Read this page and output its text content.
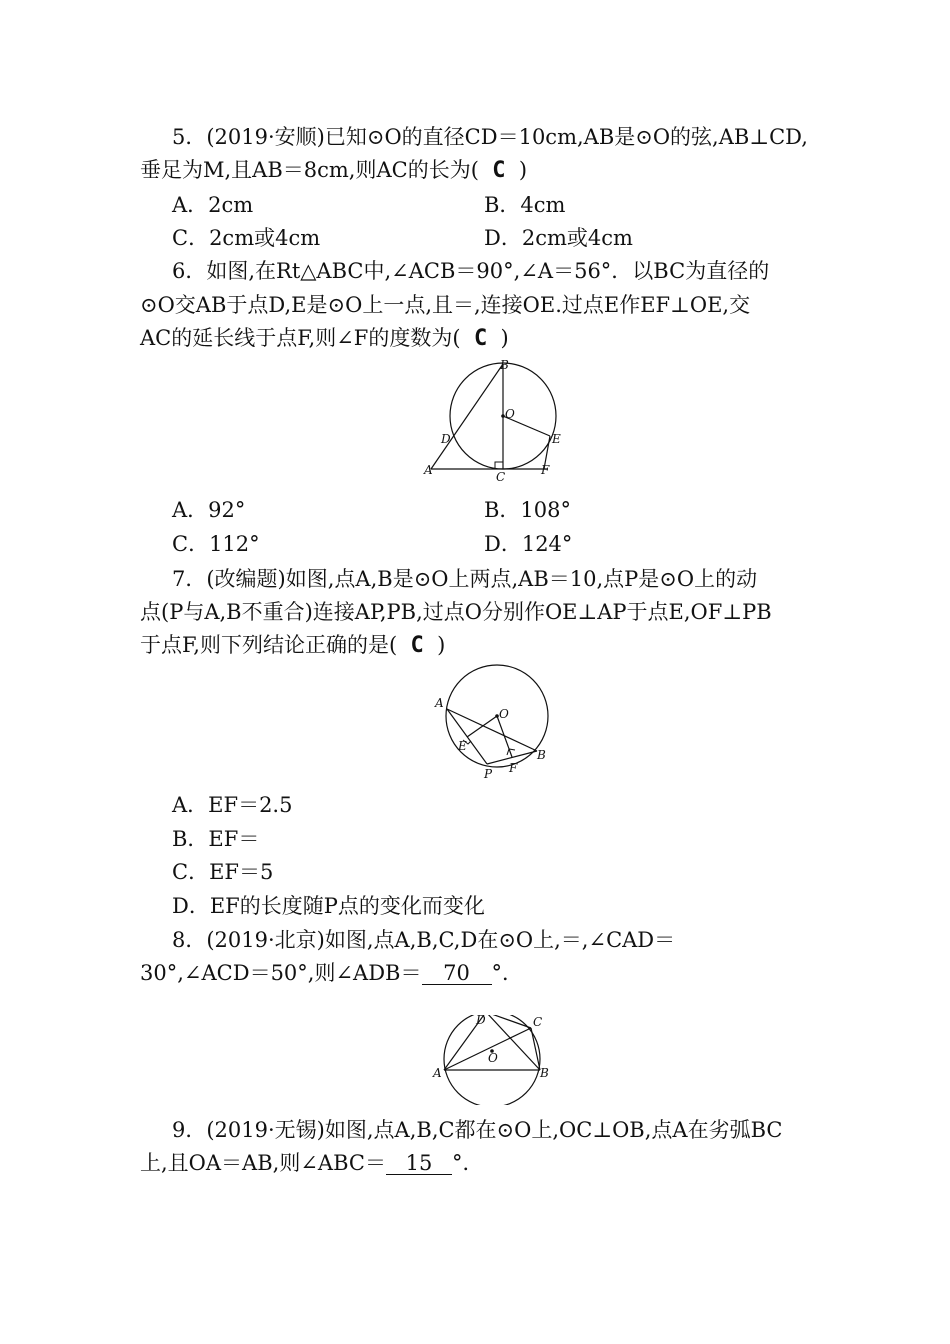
5．(2019·安顺)已知⊙O的直径CD＝10cm,AB是⊙O的弦,AB⊥CD,
垂足为M,且AB＝8cm,则AC的长为( C )
A．2cm	B．4cm
C．2cm或4cm	D．2cm或4cm
6．如图,在Rt△ABC中,∠ACB＝90°,∠A＝56°．以BC为直径的
⊙O交AB于点D,E是⊙O上一点,且＝,连接OE.过点E作EF⊥OE,交
AC的延长线于点F,则∠F的度数为( C )
B
O
D	E
A	C	F
A．92°	B．108°
C．112°	D．124°
7．(改编题)如图,点A,B是⊙O上两点,AB＝10,点P是⊙O上的动
点(P与A,B不重合)连接AP,PB,过点O分别作OE⊥AP于点E,OF⊥PB
于点F,则下列结论正确的是( C )
A
O
E
F
B
P
A．EF＝2.5
B．EF＝
C．EF＝5
D．EF的长度随P点的变化而变化
8．(2019·北京)如图,点A,B,C,D在⊙O上,＝,∠CAD＝
30°,∠ACD＝50°,则∠ADB＝ 70 °．
D	C
O
A	B
9．(2019·无锡)如图,点A,B,C都在⊙O上,OC⊥OB,点A在劣弧BC
上,且OA＝AB,则∠ABC＝ 15 °．
